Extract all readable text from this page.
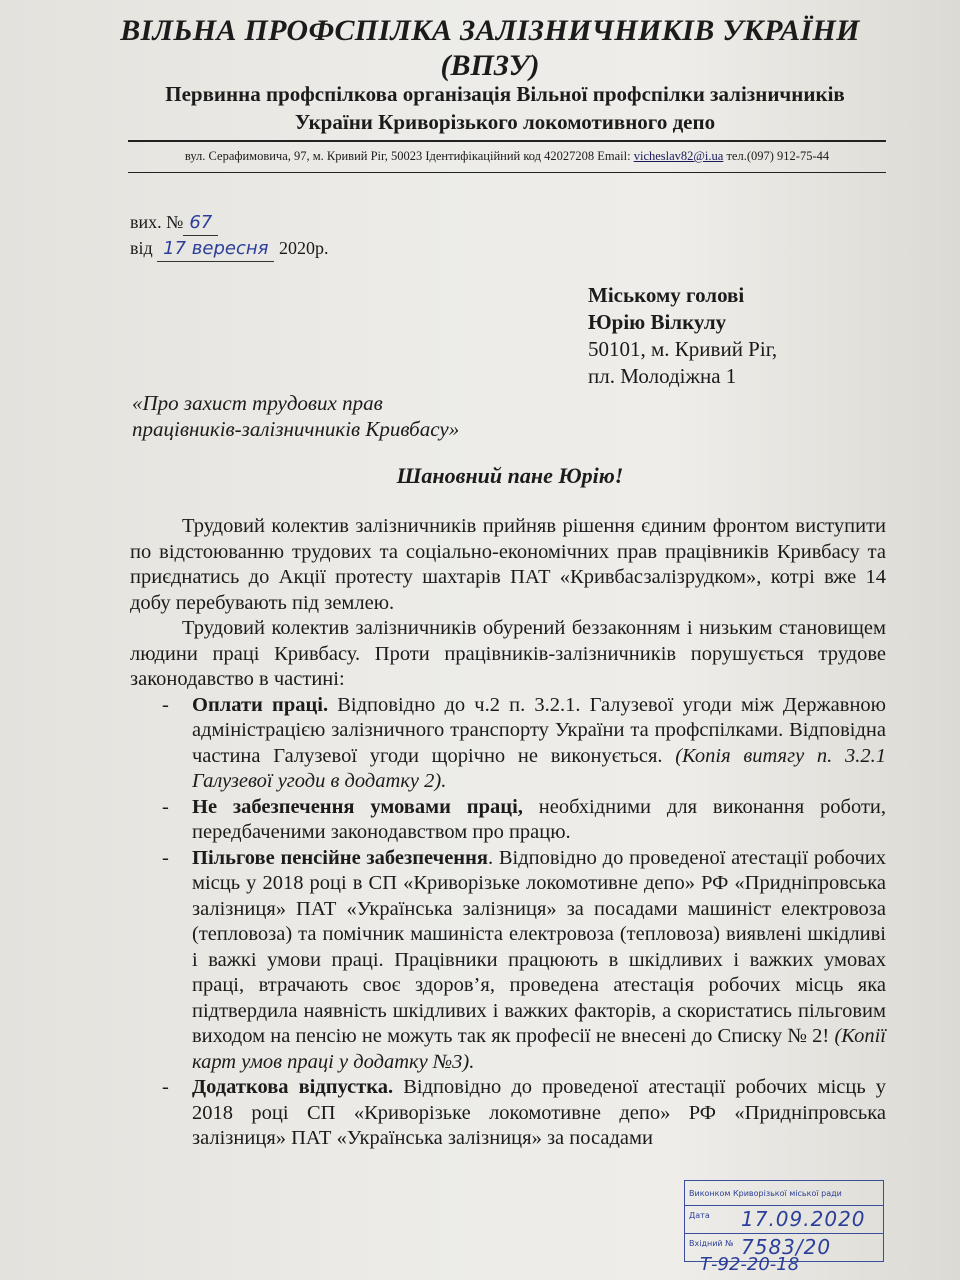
ВІЛЬНА ПРОФСПІЛКА ЗАЛІЗНИЧНИКІВ УКРАЇНИ
(ВПЗУ)
Первинна профспілкова організація Вільної профспілки залізничників
України Криворізького локомотивного депо
вул. Серафимовича, 97, м. Кривий Ріг, 50023 Ідентифікаційний код 42027208 Email: vicheslav82@i.ua тел.(097) 912-75-44
вих. № 67
від 17 вересня 2020р.
Міському голові
Юрію Вілкулу
50101, м. Кривий Ріг,
пл. Молодіжна 1
«Про захист трудових прав
працівників-залізничників Кривбасу»
Шановний пане Юрію!

Трудовий колектив залізничників прийняв рішення єдиним фронтом виступити по відстоюванню трудових та соціально-економічних прав працівників Кривбасу та приєднатись до Акції протесту шахтарів ПАТ «Кривбасзалізрудком», котрі вже 14 добу перебувають під землею.

Трудовий колектив залізничників обурений беззаконням і низьким становищем людини праці Кривбасу. Проти працівників-залізничників порушується трудове законодавство в частині:

- Оплати праці. Відповідно до ч.2 п. 3.2.1. Галузевої угоди між Державною адміністрацією залізничного транспорту України та профспілками. Відповідна частина Галузевої угоди щорічно не виконується. (Копія витягу п. 3.2.1 Галузевої угоди в додатку 2).
- Не забезпечення умовами праці, необхідними для виконання роботи, передбаченими законодавством про працю.
- Пільгове пенсійне забезпечення. Відповідно до проведеної атестації робочих місць у 2018 році в СП «Криворізьке локомотивне депо» РФ «Придніпровська залізниця» ПАТ «Українська залізниця» за посадами машиніст електровоза (тепловоза) та помічник машиніста електровоза (тепловоза) виявлені шкідливі і важкі умови праці. Працівники працюють в шкідливих і важких умовах праці, втрачають своє здоров’я, проведена атестація робочих місць яка підтвердила наявність шкідливих і важких факторів, а скористатись пільговим виходом на пенсію не можуть так як професії не внесені до Списку № 2! (Копії карт умов праці у додатку №3).
- Додаткова відпустка. Відповідно до проведеної атестації робочих місць у 2018 році СП «Криворізьке локомотивне депо» РФ «Придніпровська залізниця» ПАТ «Українська залізниця» за посадами
Виконком Криворізької міської ради
Дата 17.09.2020
Вхідний № 7583/20
Т-92-20-18
